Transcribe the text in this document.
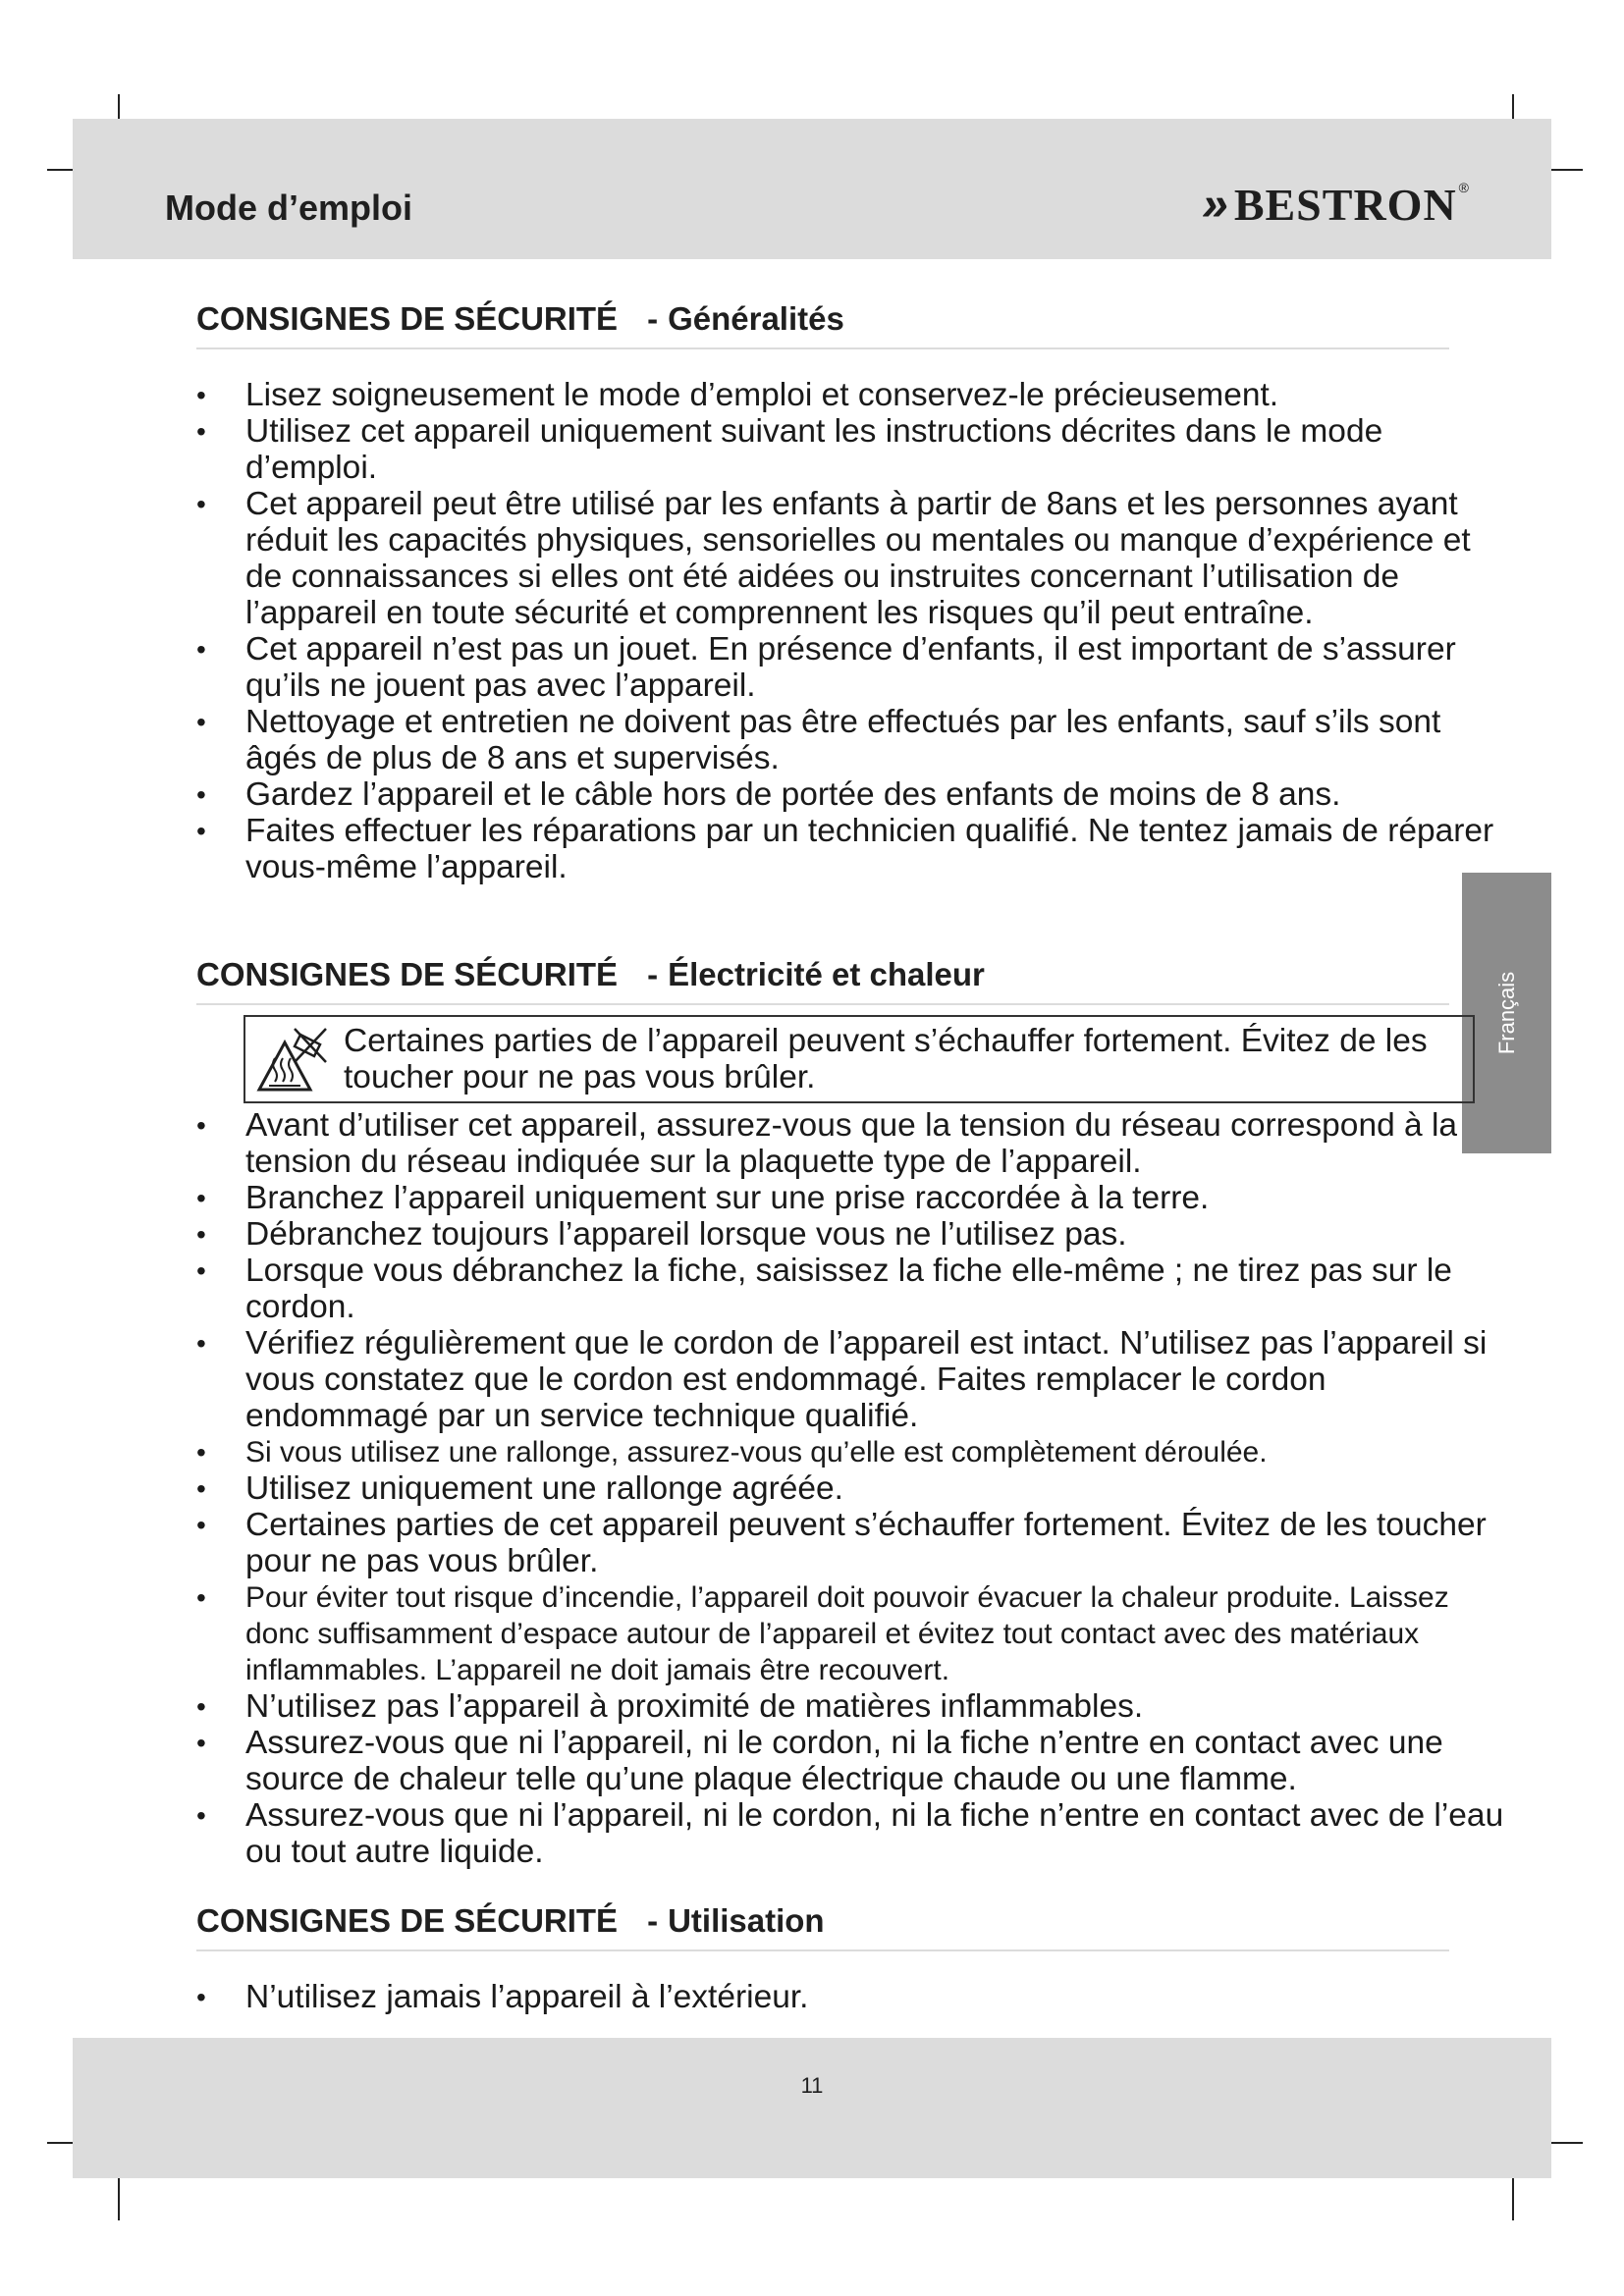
Mode d’emploi	» BESTRON ®
Français
CONSIGNES DE SÉCURITÉ - Généralités
• Lisez soigneusement le mode d’emploi et conservez-le précieusement.
• Utilisez cet appareil uniquement suivant les instructions décrites dans le mode d’emploi.
• Cet appareil peut être utilisé par les enfants à partir de 8ans et les personnes ayant réduit les capacités physiques, sensorielles ou mentales ou manque d’expérience et de connaissances si elles ont été aidées ou instruites concernant l’utilisation de l’appareil en toute sécurité et comprennent les risques qu’il peut entraîne.
• Cet appareil n’est pas un jouet. En présence d’enfants, il est important de s’assurer qu’ils ne jouent pas avec l’appareil.
• Nettoyage et entretien ne doivent pas être effectués par les enfants, sauf s’ils sont âgés de plus de 8 ans et supervisés.
• Gardez l’appareil et le câble hors de portée des enfants de moins de 8 ans.
• Faites effectuer les réparations par un technicien qualifié. Ne tentez jamais de réparer vous-même l’appareil.
CONSIGNES DE SÉCURITÉ - Électricité et chaleur
Certaines parties de l’appareil peuvent s’échauffer fortement. Évitez de les toucher pour ne pas vous brûler.
• Avant d’utiliser cet appareil, assurez-vous que la tension du réseau correspond à la tension du réseau indiquée sur la plaquette type de l’appareil.
• Branchez l’appareil uniquement sur une prise raccordée à la terre.
• Débranchez toujours l’appareil lorsque vous ne l’utilisez pas.
• Lorsque vous débranchez la fiche, saisissez la fiche elle-même ; ne tirez pas sur le cordon.
• Vérifiez régulièrement que le cordon de l’appareil est intact. N’utilisez pas l’appareil si vous constatez que le cordon est endommagé. Faites remplacer le cordon endommagé par un service technique qualifié.
• Si vous utilisez une rallonge, assurez-vous qu’elle est complètement déroulée.
• Utilisez uniquement une rallonge agréée.
• Certaines parties de cet appareil peuvent s’échauffer fortement. Évitez de les toucher pour ne pas vous brûler.
• Pour éviter tout risque d’incendie, l’appareil doit pouvoir évacuer la chaleur produite. Laissez donc suffisamment d’espace autour de l’appareil et évitez tout contact avec des matériaux inflammables. L’appareil ne doit jamais être recouvert.
• N’utilisez pas l’appareil à proximité de matières inflammables.
• Assurez-vous que ni l’appareil, ni le cordon, ni la fiche n’entre en contact avec une source de chaleur telle qu’une plaque électrique chaude ou une flamme.
• Assurez-vous que ni l’appareil, ni le cordon, ni la fiche n’entre en contact avec de l’eau ou tout autre liquide.
CONSIGNES DE SÉCURITÉ - Utilisation
• N’utilisez jamais l’appareil à l’extérieur.
11
